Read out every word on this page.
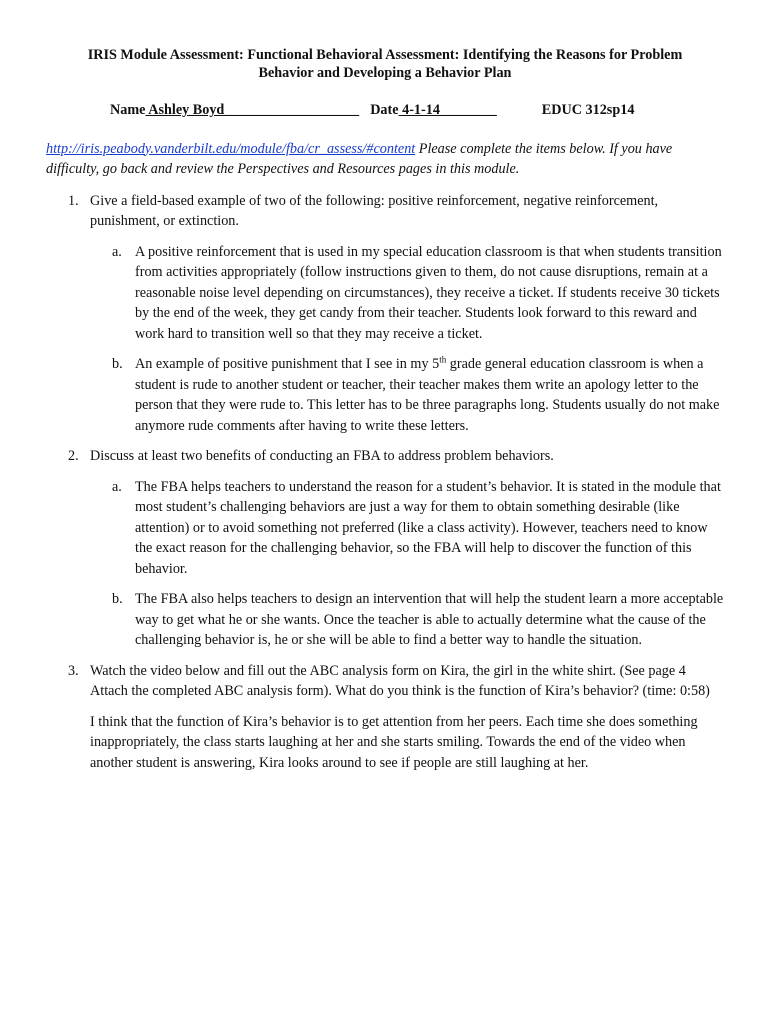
IRIS Module Assessment: Functional Behavioral Assessment: Identifying the Reasons for Problem
Behavior and Developing a Behavior Plan
Name Ashley Boyd___________________ Date 4-1-14________	EDUC 312sp14

http://iris.peabody.vanderbilt.edu/module/fba/cr_assess/#content Please complete the items below. If you have difficulty, go back and review the Perspectives and Resources pages in this module.

1. Give a field-based example of two of the following: positive reinforcement, negative reinforcement, punishment, or extinction.
a. A positive reinforcement that is used in my special education classroom is that when students transition from activities appropriately (follow instructions given to them, do not cause disruptions, remain at a reasonable noise level depending on circumstances), they receive a ticket. If students receive 30 tickets by the end of the week, they get candy from their teacher. Students look forward to this reward and work hard to transition well so that they may receive a ticket.
b. An example of positive punishment that I see in my 5th grade general education classroom is when a student is rude to another student or teacher, their teacher makes them write an apology letter to the person that they were rude to. This letter has to be three paragraphs long. Students usually do not make anymore rude comments after having to write these letters.
2. Discuss at least two benefits of conducting an FBA to address problem behaviors.
a. The FBA helps teachers to understand the reason for a student’s behavior. It is stated in the module that most student’s challenging behaviors are just a way for them to obtain something desirable (like attention) or to avoid something not preferred (like a class activity). However, teachers need to know the exact reason for the challenging behavior, so the FBA will help to discover the function of this behavior.
b. The FBA also helps teachers to design an intervention that will help the student learn a more acceptable way to get what he or she wants. Once the teacher is able to actually determine what the cause of the challenging behavior is, he or she will be able to find a better way to handle the situation.
3. Watch the video below and fill out the ABC analysis form on Kira, the girl in the white shirt. (See page 4 Attach the completed ABC analysis form). What do you think is the function of Kira’s behavior? (time: 0:58)
I think that the function of Kira’s behavior is to get attention from her peers. Each time she does something inappropriately, the class starts laughing at her and she starts smiling. Towards the end of the video when another student is answering, Kira looks around to see if people are still laughing at her.
